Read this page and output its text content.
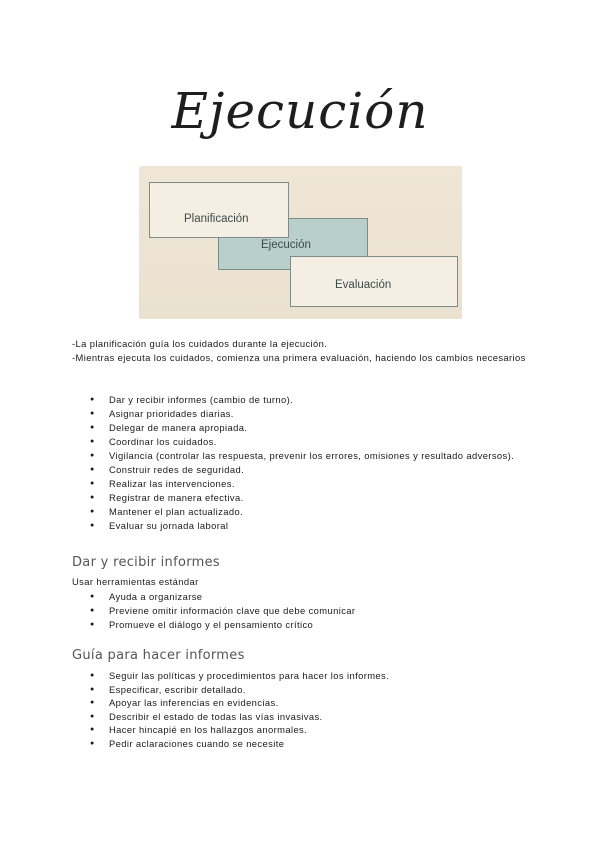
Ejecución
Planificación
Ejecución
Evaluación

-La planificación guía los cuidados durante la ejecución.

-Mientras ejecuta los cuidados, comienza una primera evaluación, haciendo los cambios necesarios

● Dar y recibir informes (cambio de turno).
● Asignar prioridades diarias.
● Delegar de manera apropiada.
● Coordinar los cuidados.
● Vigilancia (controlar las respuesta, prevenir los errores, omisiones y resultado adversos).
● Construir redes de seguridad.
● Realizar las intervenciones.
● Registrar de manera efectiva.
● Mantener el plan actualizado.
● Evaluar su jornada laboral
Dar y recibir informes
Usar herramientas estándar
● Ayuda a organizarse
● Previene omitir información clave que debe comunicar
● Promueve el diálogo y el pensamiento crítico
Guía para hacer informes
● Seguir las políticas y procedimientos para hacer los informes.
● Especificar, escribir detallado.
● Apoyar las inferencias en evidencias.
● Describir el estado de todas las vías invasivas.
● Hacer hincapié en los hallazgos anormales.
● Pedir aclaraciones cuando se necesite
